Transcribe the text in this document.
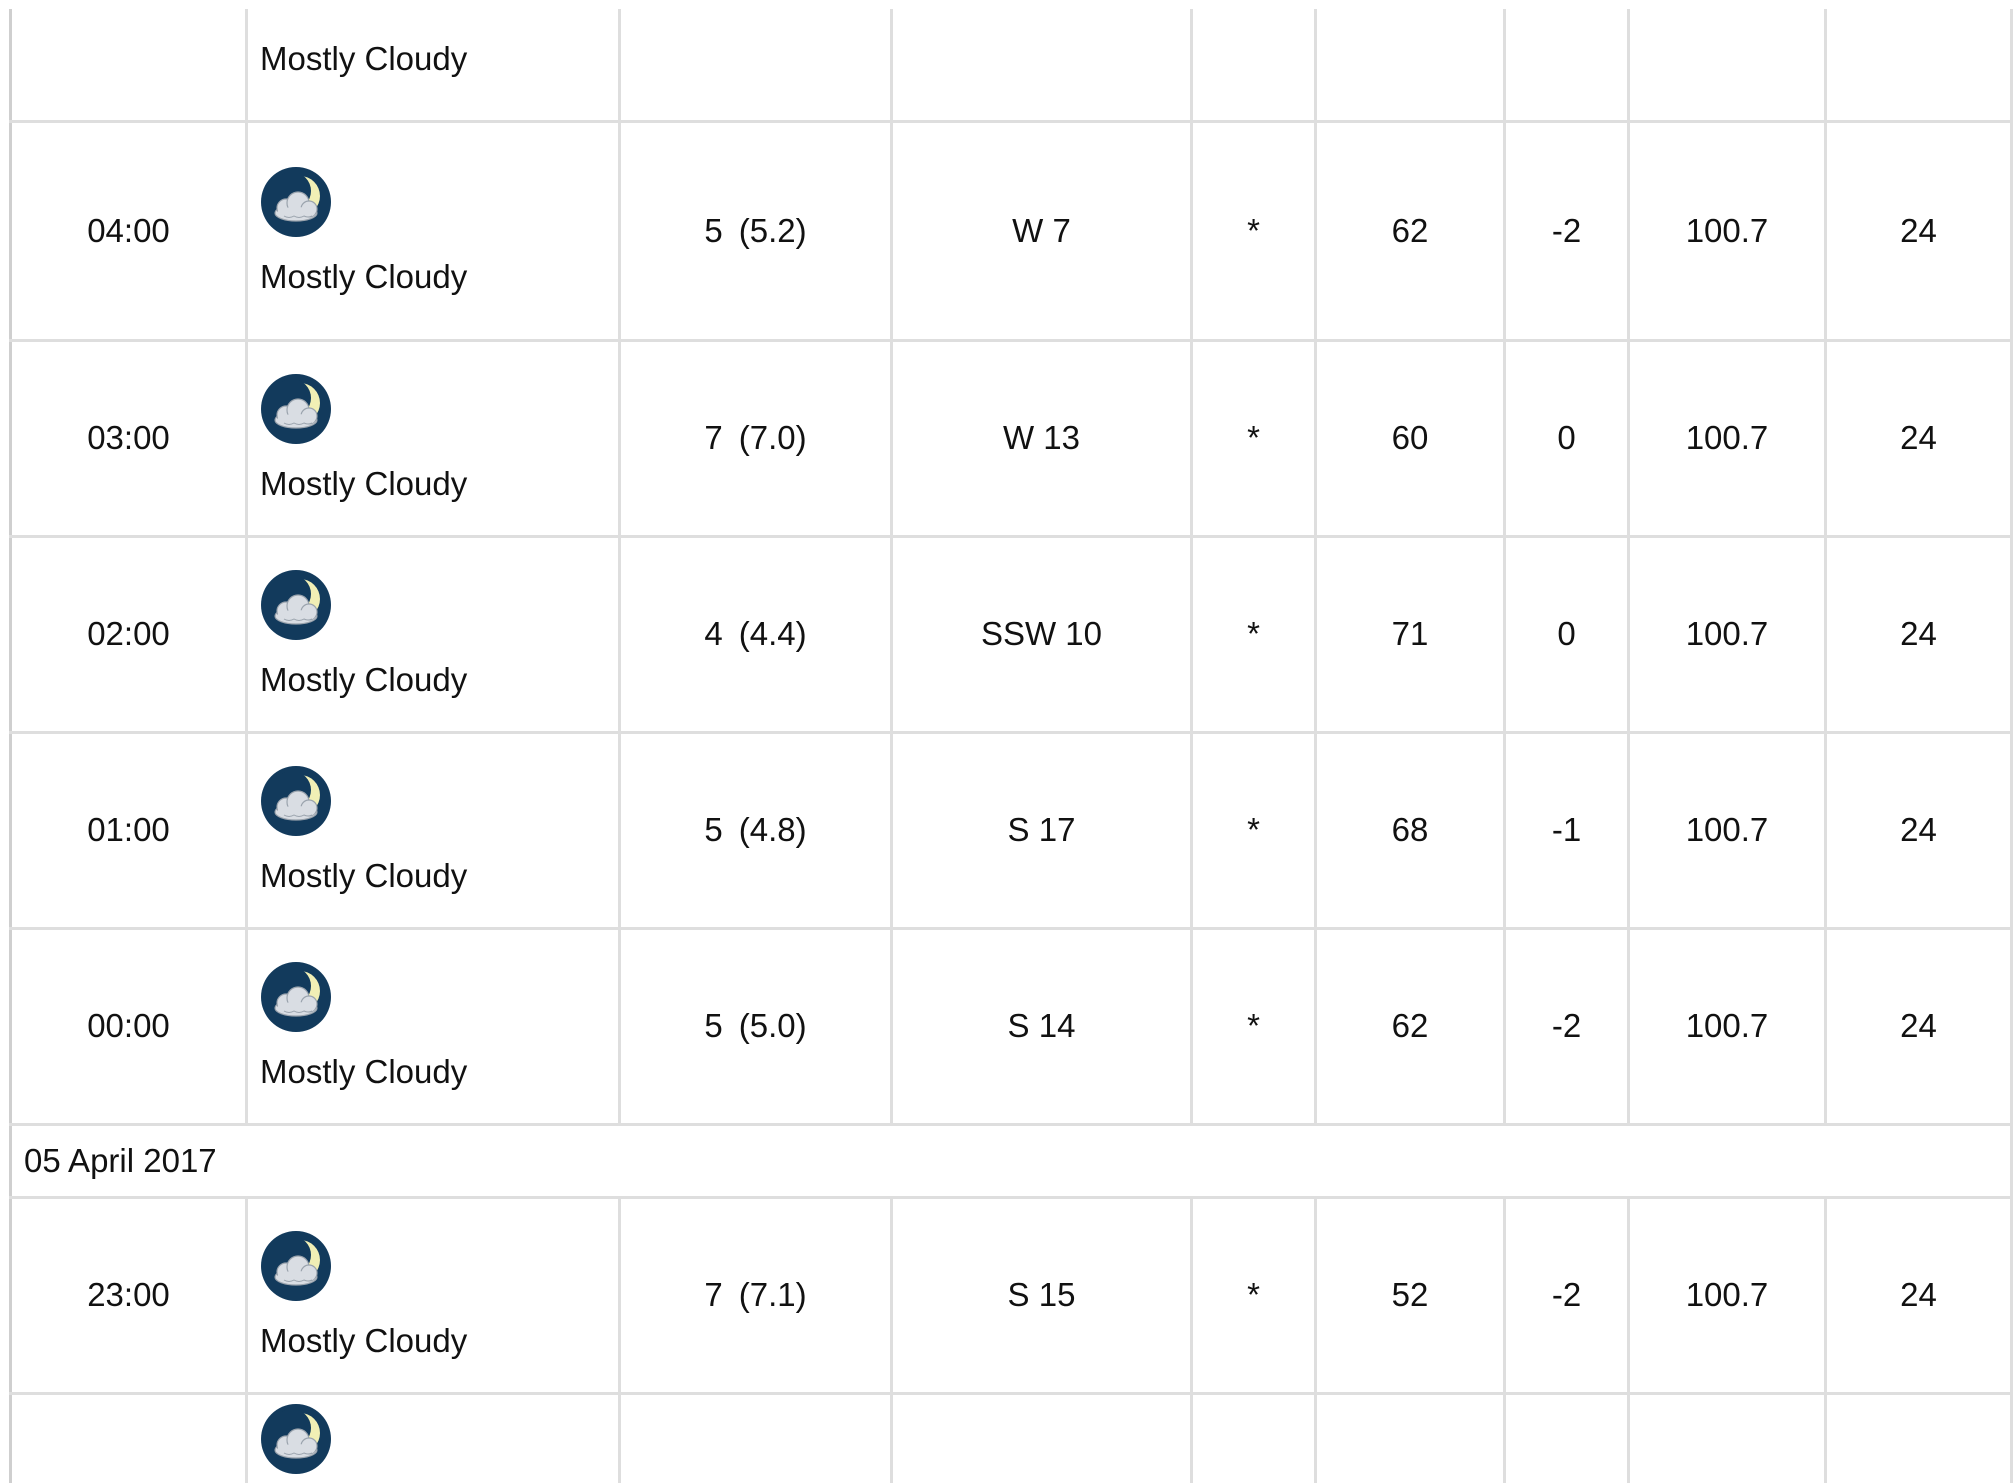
	Mostly Cloudy							
04:00	Mostly Cloudy	5 (5.2)	W 7	*	62	-2	100.7	24
03:00	Mostly Cloudy	7 (7.0)	W 13	*	60	0	100.7	24
02:00	Mostly Cloudy	4 (4.4)	SSW 10	*	71	0	100.7	24
01:00	Mostly Cloudy	5 (4.8)	S 17	*	68	-1	100.7	24
00:00	Mostly Cloudy	5 (5.0)	S 14	*	62	-2	100.7	24
05 April 2017								
23:00	Mostly Cloudy	7 (7.1)	S 15	*	52	-2	100.7	24
